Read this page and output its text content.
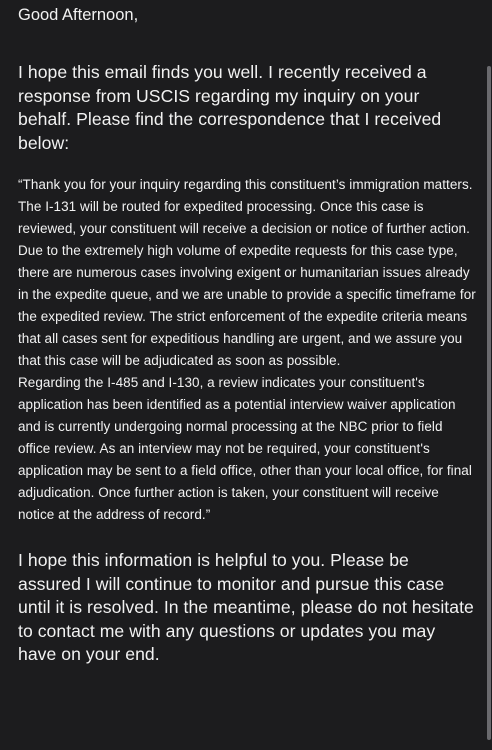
Good Afternoon,

I hope this email finds you well. I recently received a response from USCIS regarding my inquiry on your behalf. Please find the correspondence that I received below:

“Thank you for your inquiry regarding this constituent’s immigration matters. The I-131 will be routed for expedited processing. Once this case is reviewed, your constituent will receive a decision or notice of further action. Due to the extremely high volume of expedite requests for this case type, there are numerous cases involving exigent or humanitarian issues already in the expedite queue, and we are unable to provide a specific timeframe for the expedited review. The strict enforcement of the expedite criteria means that all cases sent for expeditious handling are urgent, and we assure you that this case will be adjudicated as soon as possible.

Regarding the I-485 and I-130, a review indicates your constituent's application has been identified as a potential interview waiver application and is currently undergoing normal processing at the NBC prior to field office review. As an interview may not be required, your constituent's application may be sent to a field office, other than your local office, for final adjudication. Once further action is taken, your constituent will receive notice at the address of record.”

I hope this information is helpful to you. Please be assured I will continue to monitor and pursue this case until it is resolved. In the meantime, please do not hesitate to contact me with any questions or updates you may have on your end.
